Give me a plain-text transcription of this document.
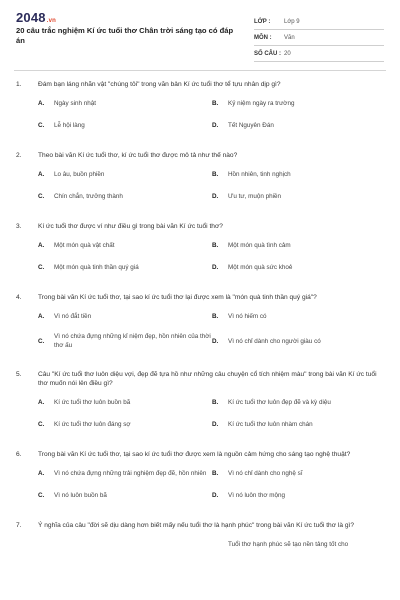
2048.vn
20 câu trắc nghiệm Kí ức tuổi thơ Chân trời sáng tạo có đáp án
LỚP :	Lớp 9
MÔN :	Văn
SỐ CÂU : 20
1.	Đám bạn láng nhãn vật "chúng tôi" trong văn bản Kí ức tuổi thơ tể tựu nhân dịp gì?
A.	Ngày sinh nhật	B.	Kỷ niệm ngày ra trường
C.	Lễ hội làng	D.	Tết Nguyên Đán
2.	Theo bài văn Kí ức tuổi thơ, kí ức tuổi thơ được mô tả như thế nào?
A.	Lo âu, buồn phiền	B.	Hồn nhiên, tinh nghịch
C.	Chín chắn, trưởng thành	D.	Ưu tư, muộn phiền
3.	Kí ức tuổi thơ được ví như điều gì trong bài văn Kí ức tuổi thơ?
A.	Một món quà vật chất	B.	Một món quà tình cảm
C.	Một món quà tinh thần quý giá	D.	Một món quà sức khoẻ
4.	Trong bài văn Kí ức tuổi thơ, tại sao kí ức tuổi thơ lại được xem là "món quà tinh thần quý giá"?
A.	Vì nó đắt tiền	B.	Vì nó hiếm có
C.
Vì nó chứa đựng những kỉ niệm đẹp, hồn nhiên của thời thơ ấu
D.	Vì nó chỉ dành cho người giàu có
5.	Câu "Kí ức tuổi thơ luôn diệu vợi, đẹp đẽ tựa hồ như những câu chuyện cổ tích nhiệm màu" trong bài văn Kí ức tuổi thơ muốn nói lên điều gì?
A.	Kí ức tuổi thơ luôn buồn bã	B.	Kí ức tuổi thơ luôn đẹp đẽ và kỳ diệu
C.	Kí ức tuổi thơ luôn đáng sợ	D.	Kí ức tuổi thơ luôn nhàm chán
6.	Trong bài văn Kí ức tuổi thơ, tại sao kí ức tuổi thơ được xem là nguồn cảm hứng cho sáng tạo nghệ thuật?
A.	Vì nó chứa đựng những trải nghiệm đẹp đẽ, hồn nhiên B.	Vì nó chỉ dành cho nghệ sĩ
C.	Vì nó luôn buồn bã	D.	Vì nó luôn thơ mộng
7.	Ý nghĩa của câu "đời sẽ dịu dàng hơn biết mấy nếu tuổi thơ là hạnh phúc" trong bài văn Kí ức tuổi thơ là gì?
Tuổi thơ hạnh phúc sẽ tạo nền tảng tốt cho
